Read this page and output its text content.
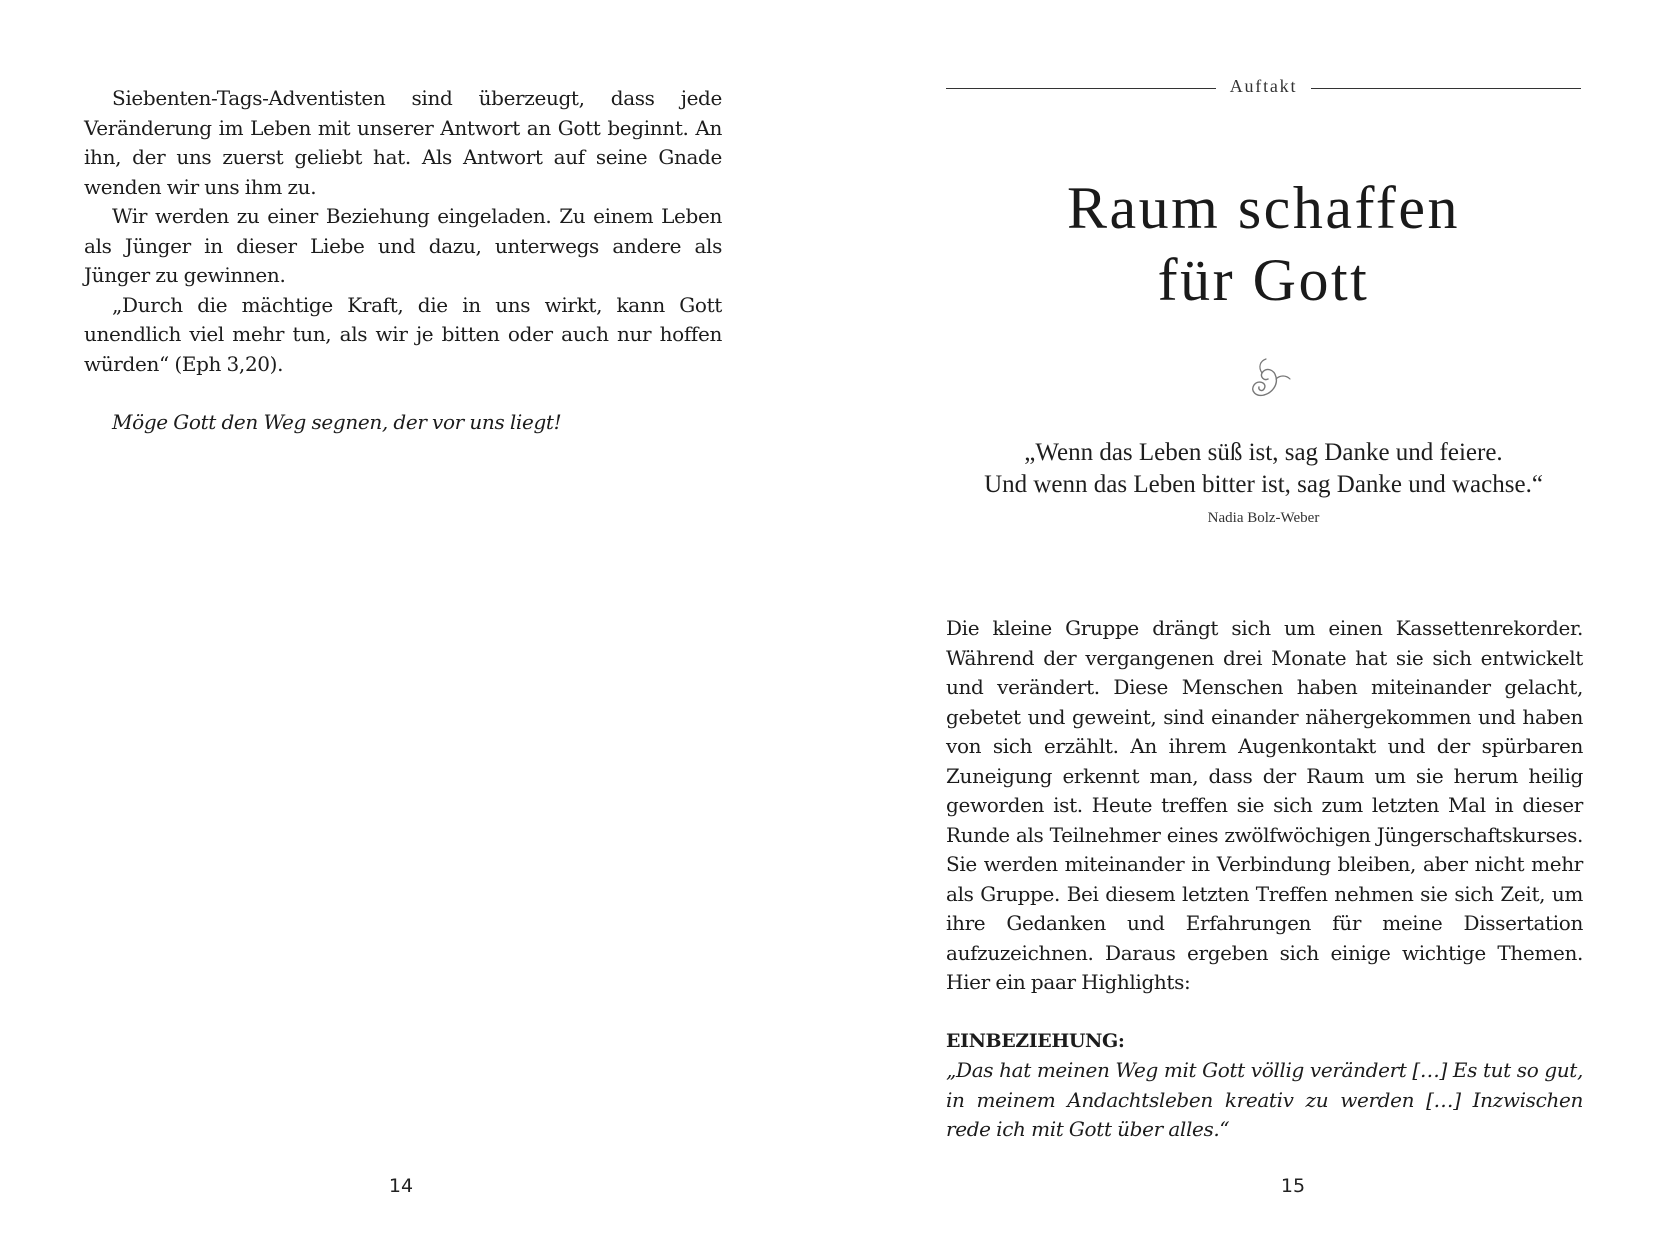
Siebenten-Tags-Adventisten sind überzeugt, dass jede Veränderung im Leben mit unserer Antwort an Gott beginnt. An ihn, der uns zuerst geliebt hat. Als Antwort auf seine Gnade wenden wir uns ihm zu.

Wir werden zu einer Beziehung eingeladen. Zu einem Leben als Jünger in dieser Liebe und dazu, unterwegs andere als Jünger zu gewinnen.

„Durch die mächtige Kraft, die in uns wirkt, kann Gott unendlich viel mehr tun, als wir je bitten oder auch nur hoffen würden“ (Eph 3,20).

Möge Gott den Weg segnen, der vor uns liegt!

14
Auftakt
Raum schaffen
für Gott
„Wenn das Leben süß ist, sag Danke und feiere.
Und wenn das Leben bitter ist, sag Danke und wachse.“
Nadia Bolz-Weber

Die kleine Gruppe drängt sich um einen Kassettenrekorder. Während der vergangenen drei Monate hat sie sich entwickelt und verändert. Diese Menschen haben miteinander gelacht, gebetet und geweint, sind einander nähergekommen und haben von sich erzählt. An ihrem Augenkontakt und der spürbaren Zuneigung erkennt man, dass der Raum um sie herum heilig geworden ist. Heute treffen sie sich zum letzten Mal in dieser Runde als Teilnehmer eines zwölfwöchigen Jüngerschaftskurses. Sie werden miteinander in Verbindung bleiben, aber nicht mehr als Gruppe. Bei diesem letzten Treffen nehmen sie sich Zeit, um ihre Gedanken und Erfahrungen für meine Dissertation aufzuzeichnen. Daraus ergeben sich einige wichtige Themen. Hier ein paar Highlights:

EINBEZIEHUNG:

„Das hat meinen Weg mit Gott völlig verändert […] Es tut so gut, in meinem Andachtsleben kreativ zu werden […] Inzwischen rede ich mit Gott über alles.“

15
